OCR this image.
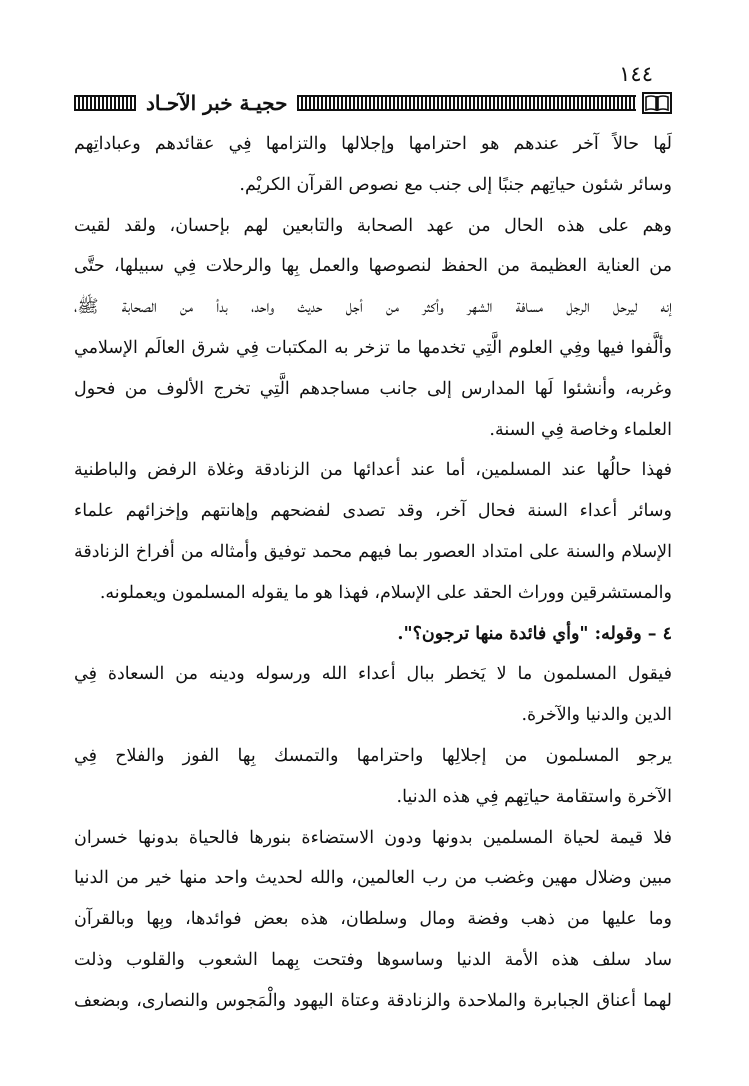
١٤٤
حجيـة خبر الآحـاد
لَها حالاً آخر عندهم هو احترامها وإجلالها والتزامها فِي عقائدهم وعباداتِهم
وسائر شئون حياتِهم جنبًا إلى جنب مع نصوص القرآن الكريْم.
وهم على هذه الحال من عهد الصحابة والتابعين لهم بإحسان، ولقد لقيت
من العناية العظيمة من الحفظ لنصوصها والعمل بِها والرحلات فِي سبيلها، حتَّى
إنه ليرحل الرجل مسافة الشهر وأكثر من أجل حديث واحد، بدأ من الصحابة ﷺ،
وألَّفوا فيها وفِي العلوم الَّتِي تخدمها ما تزخر به المكتبات فِي شرق العالَم الإسلامي
وغربه، وأنشئوا لَها المدارس إلى جانب مساجدهم الَّتِي تخرج الألوف من فحول
العلماء وخاصة فِي السنة.
فهذا حالُها عند المسلمين، أما عند أعدائها من الزنادقة وغلاة الرفض والباطنية
وسائر أعداء السنة فحال آخر، وقد تصدى لفضحهم وإهانتهم وإخزائهم علماء
الإسلام والسنة على امتداد العصور بما فيهم محمد توفيق وأمثاله من أفراخ الزنادقة
والمستشرقين ووراث الحقد على الإسلام، فهذا هو ما يقوله المسلمون ويعملونه.
٤ – وقوله: "وأي فائدة منها ترجون؟".
فيقول المسلمون ما لا يَخطر ببال أعداء الله ورسوله ودينه من السعادة فِي
الدين والدنيا والآخرة.
يرجو المسلمون من إجلالِها واحترامها والتمسك بِها الفوز والفلاح فِي
الآخرة واستقامة حياتِهم فِي هذه الدنيا.
فلا قيمة لحياة المسلمين بدونها ودون الاستضاءة بنورها فالحياة بدونها خسران
مبين وضلال مهين وغضب من رب العالمين، والله لحديث واحد منها خير من الدنيا
وما عليها من ذهب وفضة ومال وسلطان، هذه بعض فوائدها، وبِها وبالقرآن
ساد سلف هذه الأمة الدنيا وساسوها وفتحت بِهما الشعوب والقلوب وذلت
لهما أعناق الجبابرة والملاحدة والزنادقة وعتاة اليهود والْمَجوس والنصارى، وبضعف
